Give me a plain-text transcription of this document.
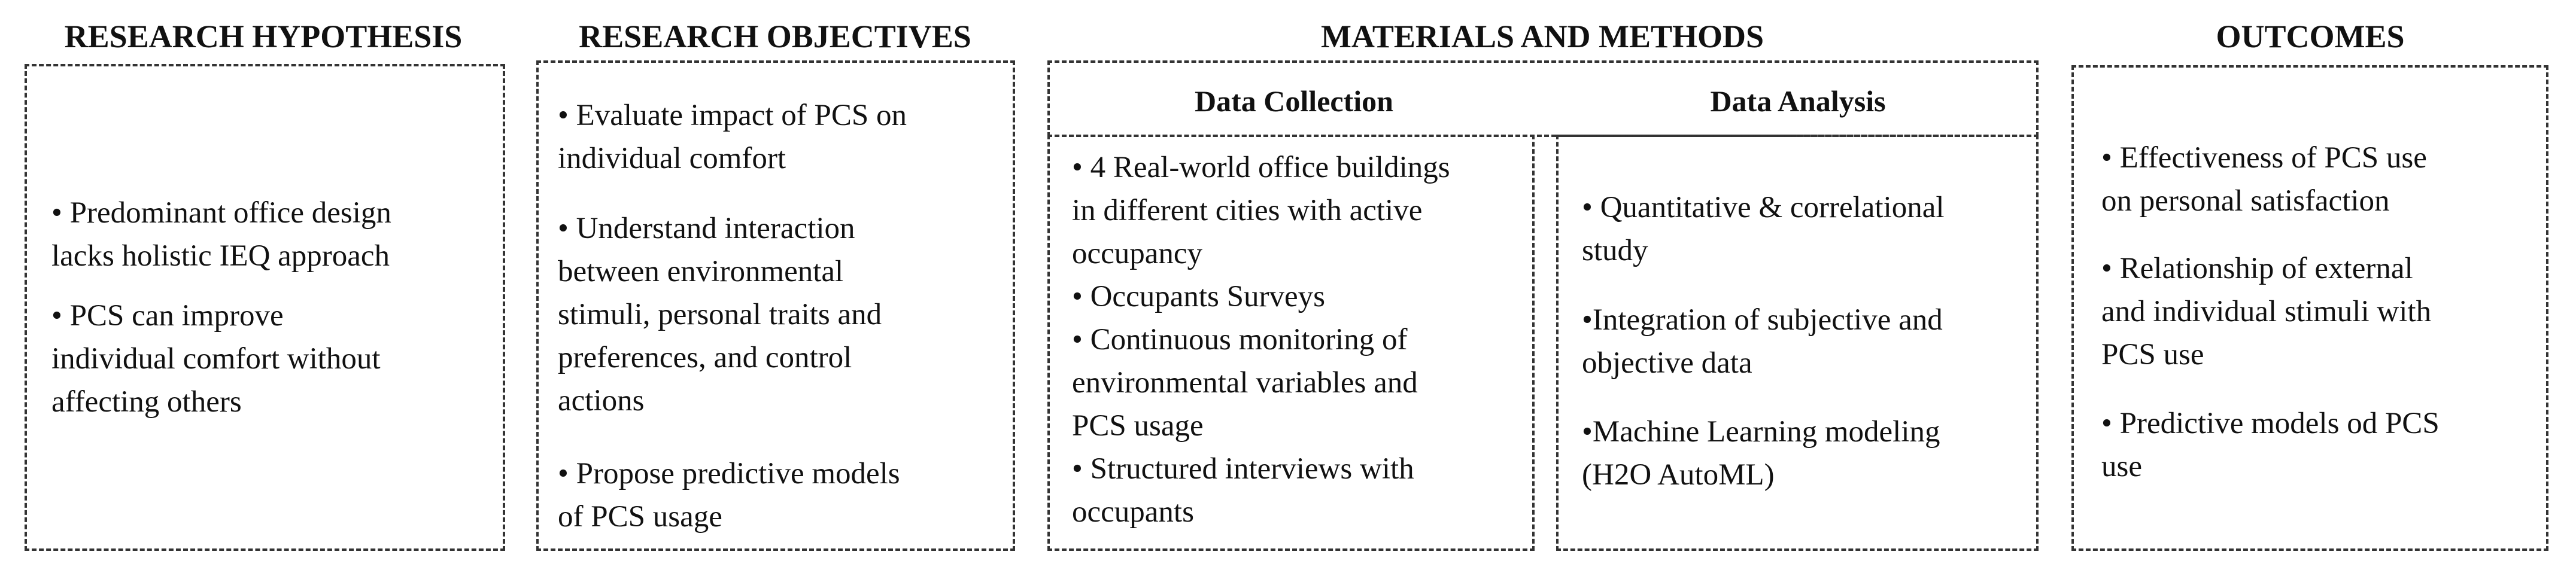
RESEARCH HYPOTHESIS	RESEARCH OBJECTIVES	MATERIALS AND METHODS	OUTCOMES
• Predominant office design
lacks holistic IEQ approach
• PCS can improve
individual comfort without
affecting others
• Evaluate impact of PCS on
individual comfort
• Understand interaction
between environmental
stimuli, personal traits and
preferences, and control
actions
• Propose predictive models
of PCS usage
Data Collection	Data Analysis
• 4 Real-world office buildings
in different cities with active
occupancy
• Occupants Surveys
• Continuous monitoring of
environmental variables and
PCS usage
• Structured interviews with
occupants
• Quantitative & correlational
study
•Integration of subjective and
objective data
•Machine Learning modeling
(H2O AutoML)
• Effectiveness of PCS use
on personal satisfaction
• Relationship of external
and individual stimuli with
PCS use
• Predictive models od PCS
use
